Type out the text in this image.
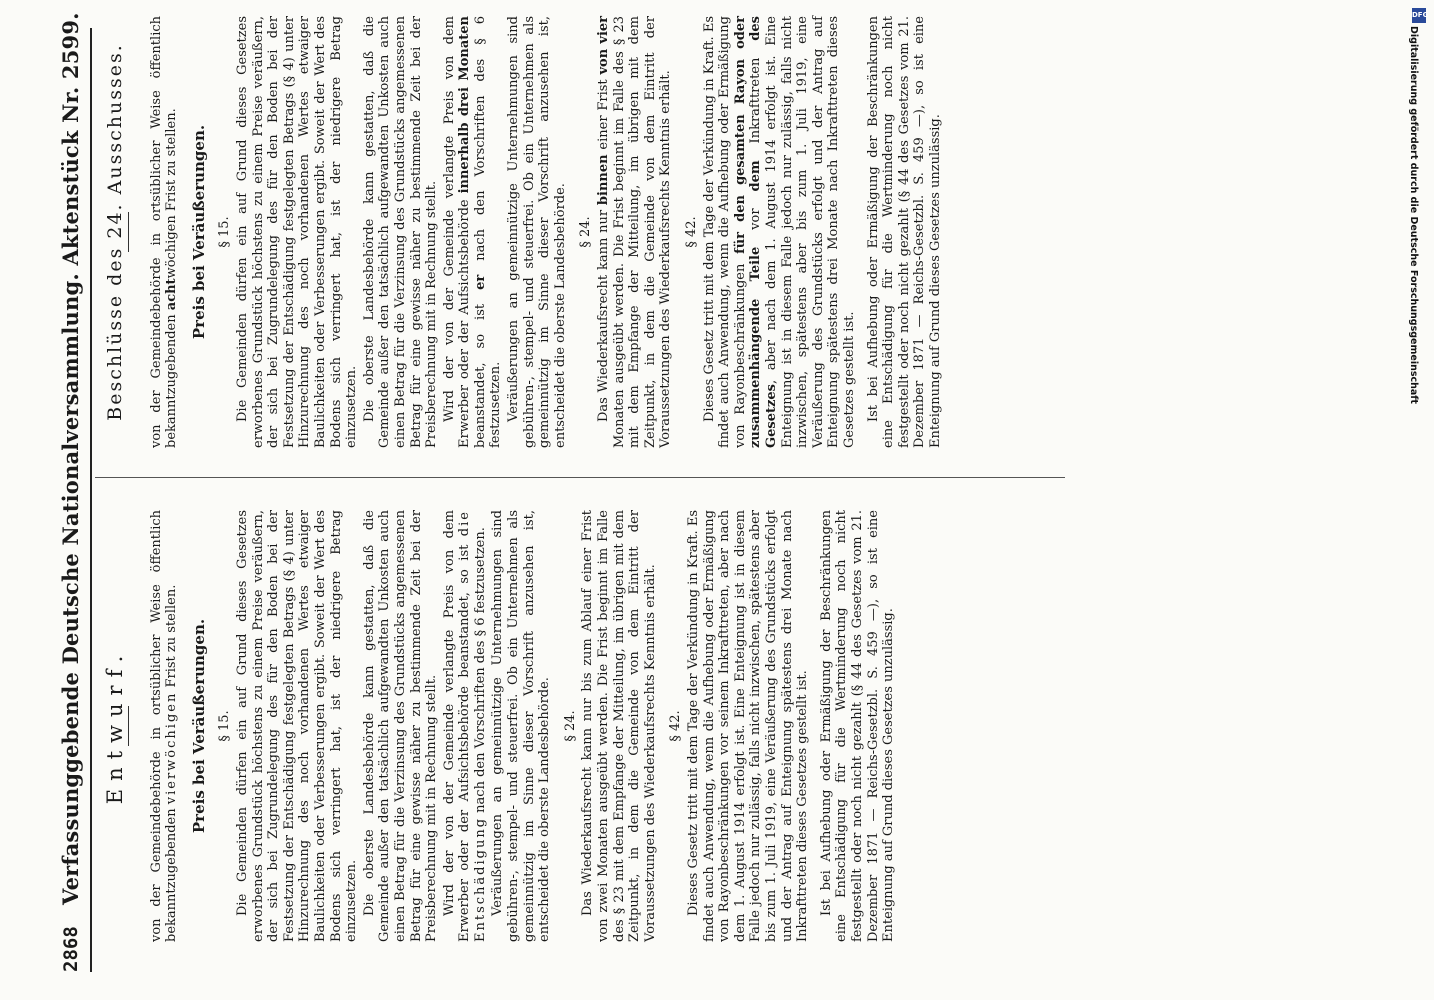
2868
Verfassunggebende Deutsche Nationalversammlung. Aktenstück Nr. 2599. Entwurf. von der Gemeindebehörde in ortsüblicher Weise öffentlich bekanntzugebenden vierwöchigen Frist zu stellen. Preis bei Veräußerungen. § 15. Die Gemeinden dürfen ein auf Grund dieses Gesetzes erworbenes Grundstück höchstens zu einem Preise veräußern, der sich bei Zugrundelegung des für den Boden bei der Festsetzung der Entschädigung festgelegten Betrags (§ 4) unter Hinzurechnung des noch vorhandenen Wertes etwaiger Baulichkeiten oder Verbesserungen ergibt. Soweit der Wert des Bodens sich verringert hat, ist der niedrigere Betrag einzusetzen. Die oberste Landesbehörde kann gestatten, daß die Gemeinde außer den tatsächlich aufgewandten Unkosten auch einen Betrag für die Verzinsung des Grundstücks angemessenen Betrag für eine gewisse näher zu bestimmende Zeit bei der Preisberechnung mit in Rechnung stellt. Wird der von der Gemeinde verlangte Preis von dem Erwerber oder der Aufsichtsbehörde beanstandet, so ist die Entschädigung nach den Vorschriften des § 6 festzusetzen. Veräußerungen an gemeinnützige Unternehmungen sind gebühren-, stempel- und steuerfrei. Ob ein Unternehmen als gemeinnützig im Sinne dieser Vorschrift anzusehen ist, entscheidet die oberste Landesbehörde. § 24. Das Wiederkaufsrecht kann nur bis zum Ablauf einer Frist von zwei Monaten ausgeübt werden. Die Frist beginnt im Falle des § 23 mit dem Empfange der Mitteilung, im übrigen mit dem Zeitpunkt, in dem die Gemeinde von dem Eintritt der Voraussetzungen des Wiederkaufsrechts Kenntnis erhält. § 42. Dieses Gesetz tritt mit dem Tage der Verkündung in Kraft. Es findet auch Anwendung, wenn die Aufhebung oder Ermäßigung von Rayonbeschränkungen vor seinem Inkrafttreten, aber nach dem 1. August 1914 erfolgt ist. Eine Enteignung ist in diesem Falle jedoch nur zulässig, falls nicht inzwischen, spätestens aber bis zum 1. Juli 1919, eine Veräußerung des Grundstücks erfolgt und der Antrag auf Enteignung spätestens drei Monate nach Inkrafttreten dieses Gesetzes gestellt ist. Ist bei Aufhebung oder Ermäßigung der Beschränkungen eine Entschädigung für die Wertminderung noch nicht festgestellt oder noch nicht gezahlt (§ 44 des Gesetzes vom 21. Dezember 1871 — Reichs-Gesetzbl. S. 459 —), so ist eine Enteignung auf Grund dieses Gesetzes unzulässig.

Beschlüsse des 24. Ausschusses. von der Gemeindebehörde in ortsüblicher Weise öffentlich bekanntzugebenden achtwöchigen Frist zu stellen. Preis bei Veräußerungen. § 15. Die Gemeinden dürfen ein auf Grund dieses Gesetzes erworbenes Grundstück höchstens zu einem Preise veräußern, der sich bei Zugrundelegung des für den Boden bei der Festsetzung der Entschädigung festgelegten Betrags (§ 4) unter Hinzurechnung des noch vorhandenen Wertes etwaiger Baulichkeiten oder Verbesserungen ergibt. Soweit der Wert des Bodens sich verringert hat, ist der niedrigere Betrag einzusetzen. Die oberste Landesbehörde kann gestatten, daß die Gemeinde außer den tatsächlich aufgewandten Unkosten auch einen Betrag für die Verzinsung des Grundstücks angemessenen Betrag für eine gewisse näher zu bestimmende Zeit bei der Preisberechnung mit in Rechnung stellt. Wird der von der Gemeinde verlangte Preis von dem Erwerber oder der Aufsichtsbehörde innerhalb drei Monaten beanstandet, so ist er nach den Vorschriften des § 6 festzusetzen. Veräußerungen an gemeinnützige Unternehmungen sind gebühren-, stempel- und steuerfrei. Ob ein Unternehmen als gemeinnützig im Sinne dieser Vorschrift anzusehen ist, entscheidet die oberste Landesbehörde. § 24. Das Wiederkaufsrecht kann nur binnen einer Frist von vier Monaten ausgeübt werden. Die Frist beginnt im Falle des § 23 mit dem Empfange der Mitteilung, im übrigen mit dem Zeitpunkt, in dem die Gemeinde von dem Eintritt der Voraussetzungen des Wiederkaufsrechts Kenntnis erhält. § 42. Dieses Gesetz tritt mit dem Tage der Verkündung in Kraft. Es findet auch Anwendung, wenn die Aufhebung oder Ermäßigung von Rayonbeschränkungen für den gesamten Rayon oder zusammenhängende Teile vor dem Inkrafttreten des Gesetzes, aber nach dem 1. August 1914 erfolgt ist. Eine Enteignung ist in diesem Falle jedoch nur zulässig, falls nicht inzwischen, spätestens aber bis zum 1. Juli 1919, eine Veräußerung des Grundstücks erfolgt und der Antrag auf Enteignung spätestens drei Monate nach Inkrafttreten dieses Gesetzes gestellt ist. Ist bei Aufhebung oder Ermäßigung der Beschränkungen eine Entschädigung für die Wertminderung noch nicht festgestellt oder noch nicht gezahlt (§ 44 des Gesetzes vom 21. Dezember 1871 — Reichs-Gesetzbl. S. 459 —), so ist eine Enteignung auf Grund dieses Gesetzes unzulässig.

DFG
Digitalisierung gefördert durch die Deutsche Forschungsgemeinschaft
